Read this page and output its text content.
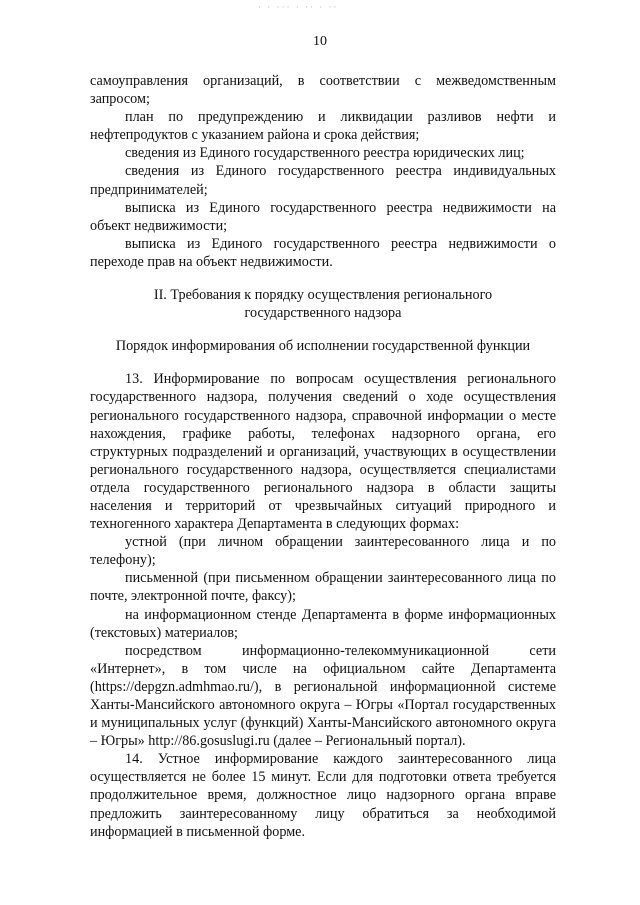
· · ··· · ·· · ··
10

самоуправления организаций, в соответствии с межведомственным запросом;

план по предупреждению и ликвидации разливов нефти и нефтепродуктов с указанием района и срока действия;

сведения из Единого государственного реестра юридических лиц;

сведения из Единого государственного реестра индивидуальных предпринимателей;

выписка из Единого государственного реестра недвижимости на объект недвижимости;

выписка из Единого государственного реестра недвижимости о переходе прав на объект недвижимости.

II. Требования к порядку осуществления регионального
государственного надзора

Порядок информирования об исполнении государственной функции

13. Информирование по вопросам осуществления регионального государственного надзора, получения сведений о ходе осуществления регионального государственного надзора, справочной информации о месте нахождения, графике работы, телефонах надзорного органа, его структурных подразделений и организаций, участвующих в осуществлении регионального государственного надзора, осуществляется специалистами отдела государственного регионального надзора в области защиты населения и территорий от чрезвычайных ситуаций природного и техногенного характера Департамента в следующих формах:

устной (при личном обращении заинтересованного лица и по телефону);

письменной (при письменном обращении заинтересованного лица по почте, электронной почте, факсу);

на информационном стенде Департамента в форме информационных (текстовых) материалов;

посредством информационно-телекоммуникационной сети «Интернет», в том числе на официальном сайте Департамента (https://depgzn.admhmao.ru/), в региональной информационной системе Ханты-Мансийского автономного округа – Югры «Портал государственных и муниципальных услуг (функций) Ханты-Мансийского автономного округа – Югры» http://86.gosuslugi.ru (далее – Региональный портал).

14. Устное информирование каждого заинтересованного лица осуществляется не более 15 минут. Если для подготовки ответа требуется продолжительное время, должностное лицо надзорного органа вправе предложить заинтересованному лицу обратиться за необходимой информацией в письменной форме.
